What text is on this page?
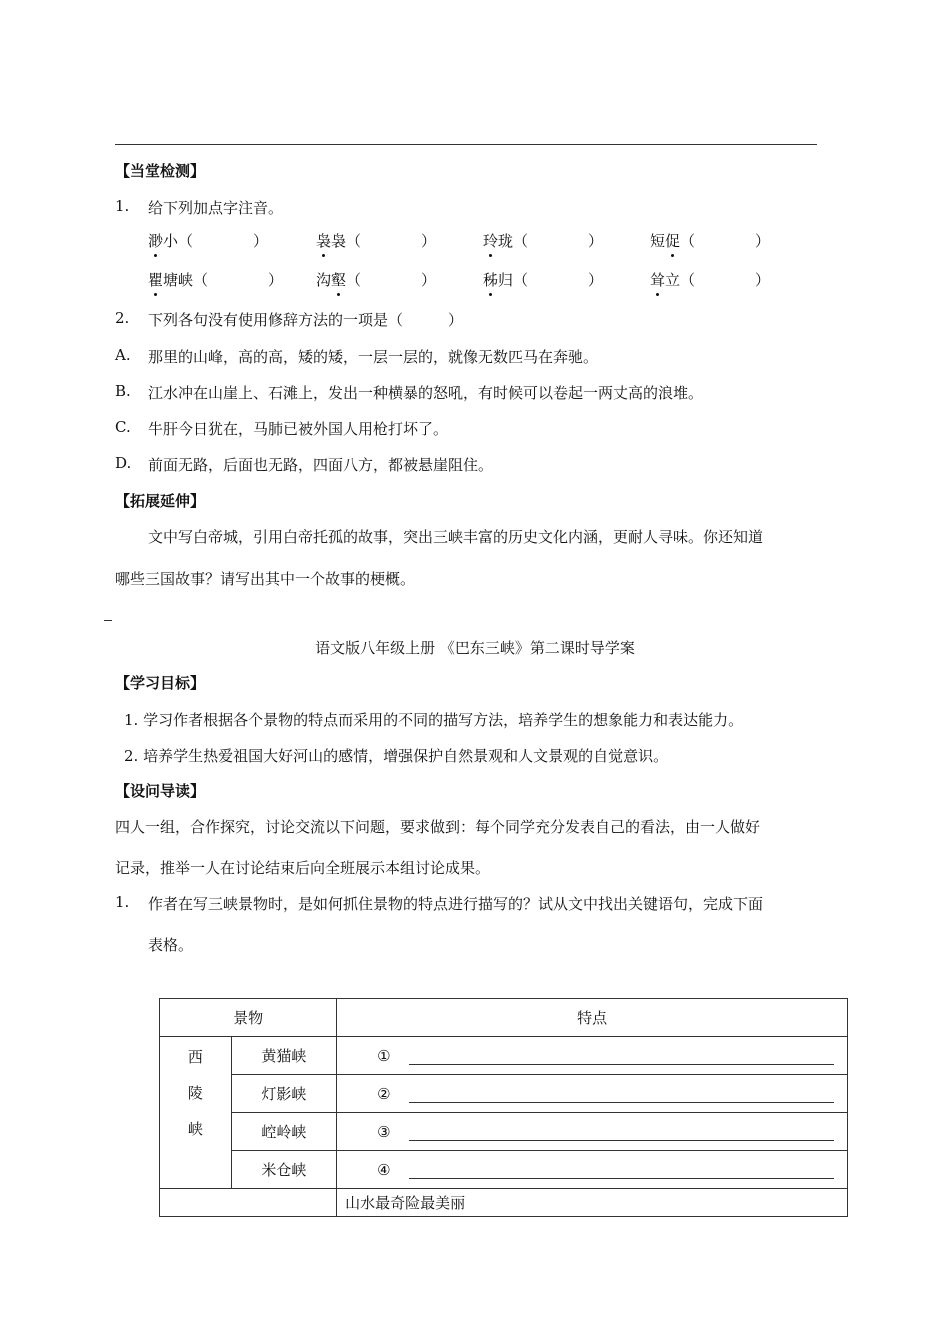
【当堂检测】
1. 给下列加点字注音。
渺小（　　　　）	袅袅（　　　　）	玲珑（　　　　）	短促（　　　　）
瞿塘峡（　　　　） 沟壑（　　　　）	秭归（　　　　）	耸立（　　　　）
2. 下列各句没有使用修辞方法的一项是（　　　）
A. 那里的山峰，高的高，矮的矮，一层一层的，就像无数匹马在奔驰。
B. 江水冲在山崖上、石滩上，发出一种横暴的怒吼，有时候可以卷起一两丈高的浪堆。
C. 牛肝今日犹在，马肺已被外国人用枪打坏了。
D. 前面无路，后面也无路，四面八方，都被悬崖阻住。
【拓展延伸】
文中写白帝城，引用白帝托孤的故事，突出三峡丰富的历史文化内涵，更耐人寻味。你还知道
哪些三国故事？请写出其中一个故事的梗概。
语文版八年级上册 《巴东三峡》第二课时导学案
【学习目标】
1. 学习作者根据各个景物的特点而采用的不同的描写方法，培养学生的想象能力和表达能力。
2. 培养学生热爱祖国大好河山的感情，增强保护自然景观和人文景观的自觉意识。
【设问导读】
四人一组，合作探究，讨论交流以下问题，要求做到：每个同学充分发表自己的看法，由一人做好
记录，推举一人在讨论结束后向全班展示本组讨论成果。
1. 作者在写三峡景物时，是如何抓住景物的特点进行描写的？试从文中找出关键语句，完成下面
表格。
景物		特点

西
陵
峡	黄猫峡	①
	灯影峡	②
	崆岭峡	③
	米仓峡	④
		山水最奇险最美丽
